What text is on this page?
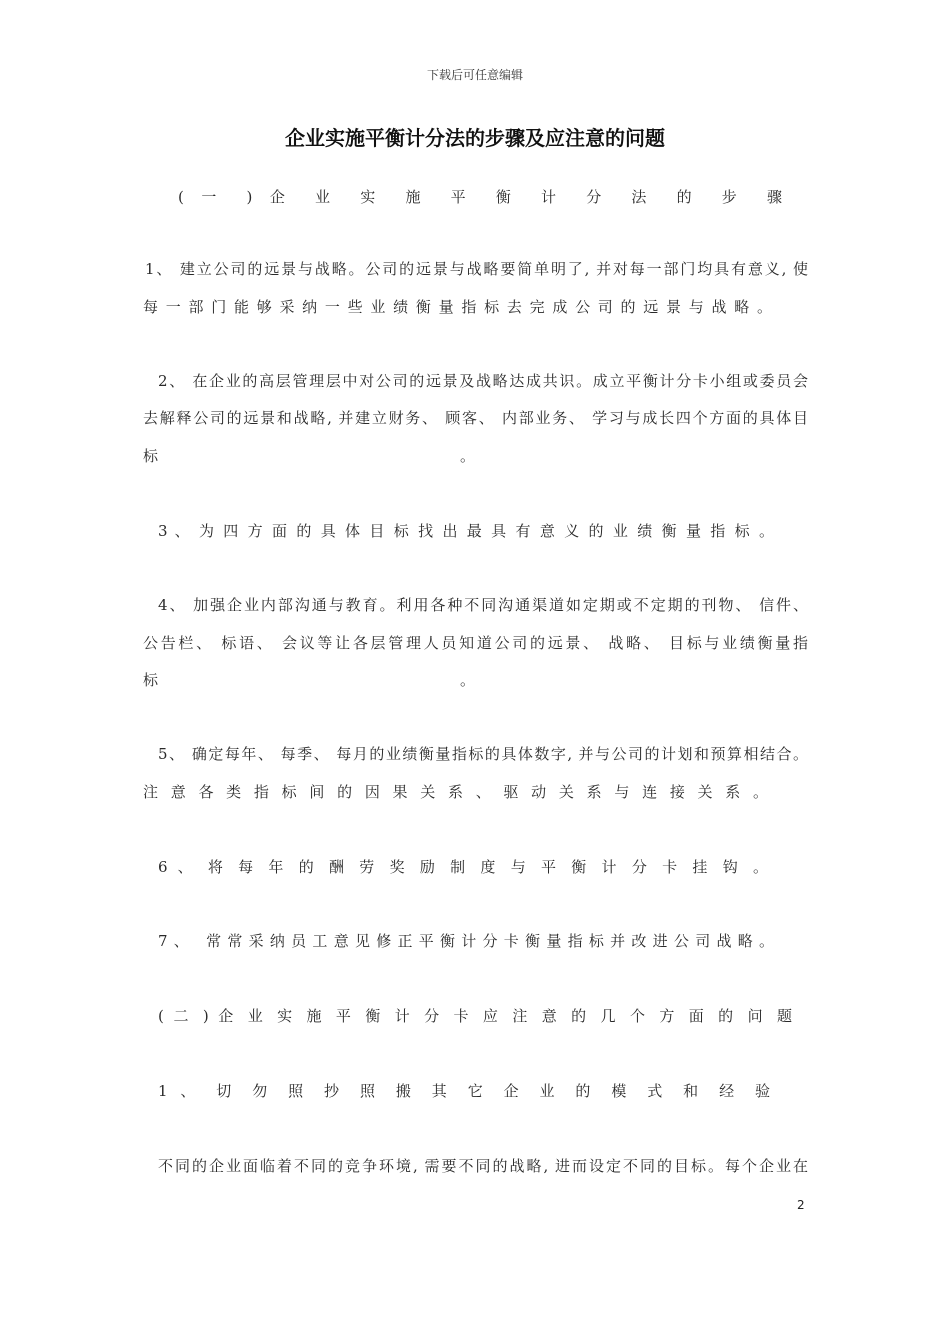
下载后可任意编辑
企业实施平衡计分法的步骤及应注意的问题
( 一 ) 企 业 实 施 平 衡 计 分 法 的 步 骤
1、 建立公司的远景与战略。公司的远景与战略要简单明了, 并对每一部门均具有意义, 使
每 一 部 门 能 够 采 纳 一 些 业 绩 衡 量 指 标 去 完 成 公 司 的 远 景 与 战 略 。
2、 在企业的高层管理层中对公司的远景及战略达成共识。成立平衡计分卡小组或委员会
去解释公司的远景和战略, 并建立财务、 顾客、 内部业务、 学习与成长四个方面的具体目
标 。
3 、 为 四 方 面 的 具 体 目 标 找 出 最 具 有 意 义 的 业 绩 衡 量 指 标 。
4、 加强企业内部沟通与教育。利用各种不同沟通渠道如定期或不定期的刊物、 信件、
公告栏、 标语、 会议等让各层管理人员知道公司的远景、 战略、 目标与业绩衡量指
标 。
5、 确定每年、 每季、 每月的业绩衡量指标的具体数字, 并与公司的计划和预算相结合。
注 意 各 类 指 标 间 的 因 果 关 系 、 驱 动 关 系 与 连 接 关 系 。
6 、 将 每 年 的 酬 劳 奖 励 制 度 与 平 衡 计 分 卡 挂 钩 。
7、 常常采纳员工意见修正平衡计分卡衡量指标并改进公司战略。
( 二 ) 企 业 实 施 平 衡 计 分 卡 应 注 意 的 几 个 方 面 的 问 题
1 、 切 勿 照 抄 照 搬 其 它 企 业 的 模 式 和 经 验
不同的企业面临着不同的竞争环境, 需要不同的战略, 进而设定不同的目标。每个企业在
2
